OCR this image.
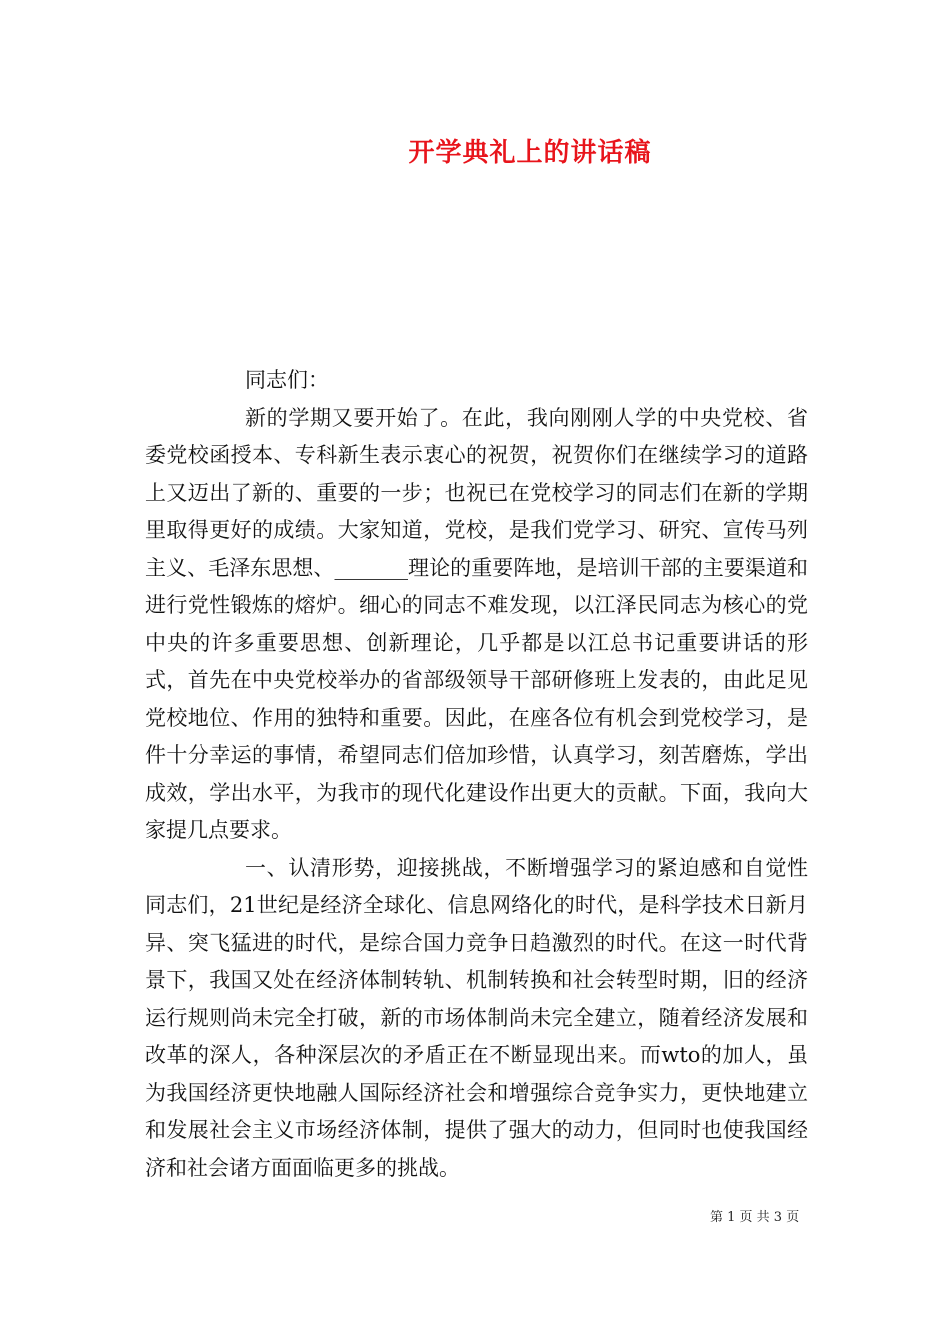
开学典礼上的讲话稿

同志们：

新的学期又要开始了。在此，我向刚刚人学的中央党校、省委党校函授本、专科新生表示衷心的祝贺，祝贺你们在继续学习的道路上又迈出了新的、重要的一步；也祝已在党校学习的同志们在新的学期里取得更好的成绩。大家知道，党校，是我们党学习、研究、宣传马列主义、毛泽东思想、_______理论的重要阵地，是培训干部的主要渠道和进行党性锻炼的熔炉。细心的同志不难发现，以江泽民同志为核心的党中央的许多重要思想、创新理论，几乎都是以江总书记重要讲话的形式，首先在中央党校举办的省部级领导干部研修班上发表的，由此足见党校地位、作用的独特和重要。因此，在座各位有机会到党校学习，是件十分幸运的事情，希望同志们倍加珍惜，认真学习，刻苦磨炼，学出成效，学出水平，为我市的现代化建设作出更大的贡献。下面，我向大家提几点要求。

一、认清形势，迎接挑战，不断增强学习的紧迫感和自觉性同志们，21世纪是经济全球化、信息网络化的时代，是科学技术日新月异、突飞猛进的时代，是综合国力竞争日趋激烈的时代。在这一时代背景下，我国又处在经济体制转轨、机制转换和社会转型时期，旧的经济运行规则尚未完全打破，新的市场体制尚未完全建立，随着经济发展和改革的深人，各种深层次的矛盾正在不断显现出来。而wto的加人，虽为我国经济更快地融人国际经济社会和增强综合竞争实力，更快地建立和发展社会主义市场经济体制，提供了强大的动力，但同时也使我国经济和社会诸方面面临更多的挑战。

第 1 页 共 3 页
